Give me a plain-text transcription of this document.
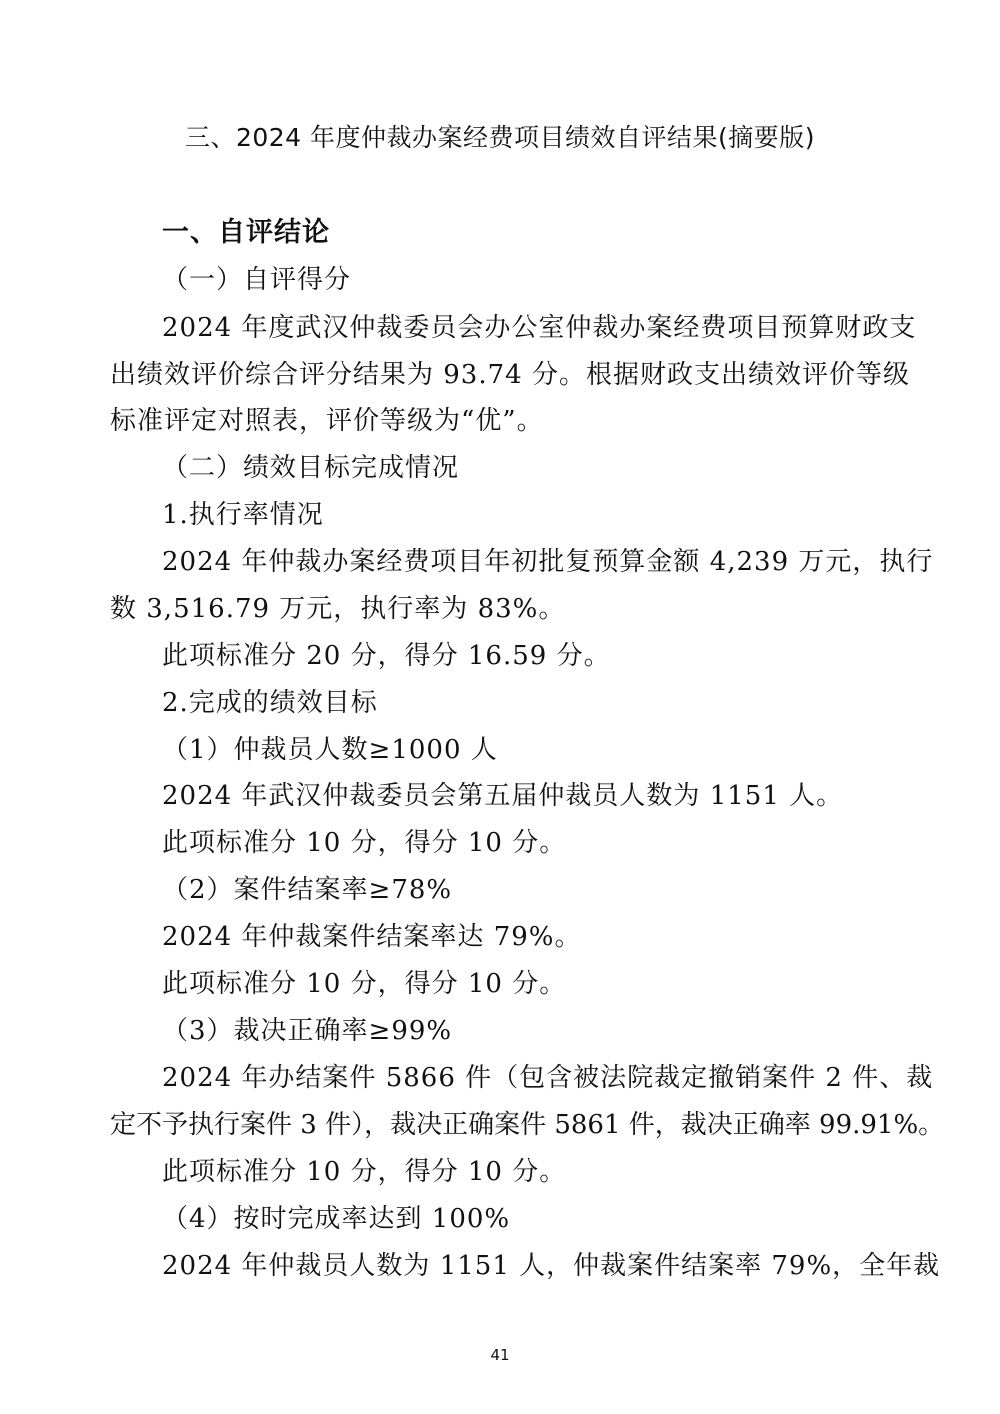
三、2024 年度仲裁办案经费项目绩效自评结果(摘要版)
一、自评结论
（一）自评得分
2024 年度武汉仲裁委员会办公室仲裁办案经费项目预算财政支
出绩效评价综合评分结果为 93.74 分。根据财政支出绩效评价等级
标准评定对照表，评价等级为“优”。
（二）绩效目标完成情况
1.执行率情况
2024 年仲裁办案经费项目年初批复预算金额 4,239 万元，执行
数 3,516.79 万元，执行率为 83%。
此项标准分 20 分，得分 16.59 分。
2.完成的绩效目标
（1）仲裁员人数≥1000 人
2024 年武汉仲裁委员会第五届仲裁员人数为 1151 人。
此项标准分 10 分，得分 10 分。
（2）案件结案率≥78%
2024 年仲裁案件结案率达 79%。
此项标准分 10 分，得分 10 分。
（3）裁决正确率≥99%
2024 年办结案件 5866 件（包含被法院裁定撤销案件 2 件、裁
定不予执行案件 3 件），裁决正确案件 5861 件，裁决正确率 99.91%。
此项标准分 10 分，得分 10 分。
（4）按时完成率达到 100%
2024 年仲裁员人数为 1151 人，仲裁案件结案率 79%，全年裁
41
